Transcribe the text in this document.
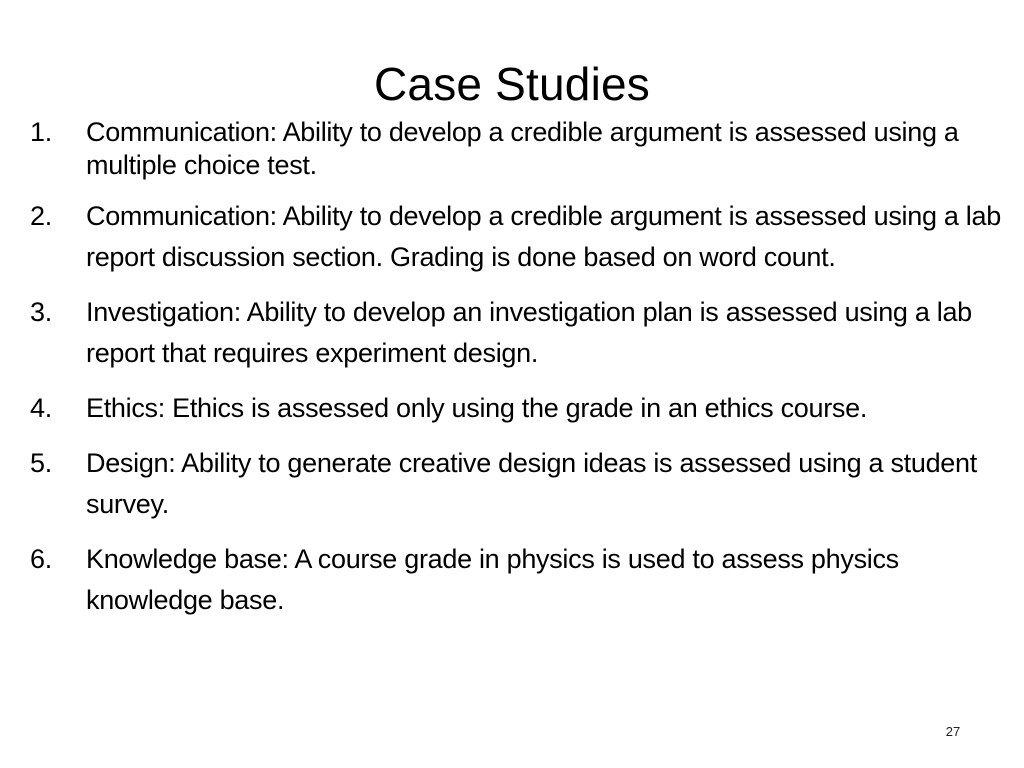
Case Studies
1.	Communication: Ability to develop a credible argument is assessed using a multiple choice test.
2.	Communication: Ability to develop a credible argument is assessed using a lab report discussion section. Grading is done based on word count.
3.	Investigation: Ability to develop an investigation plan is assessed using a lab report that requires experiment design.
4.	Ethics: Ethics is assessed only using the grade in an ethics course.
5.	Design: Ability to generate creative design ideas is assessed using a student survey.
6.	Knowledge base: A course grade in physics is used to assess physics knowledge base.
27
